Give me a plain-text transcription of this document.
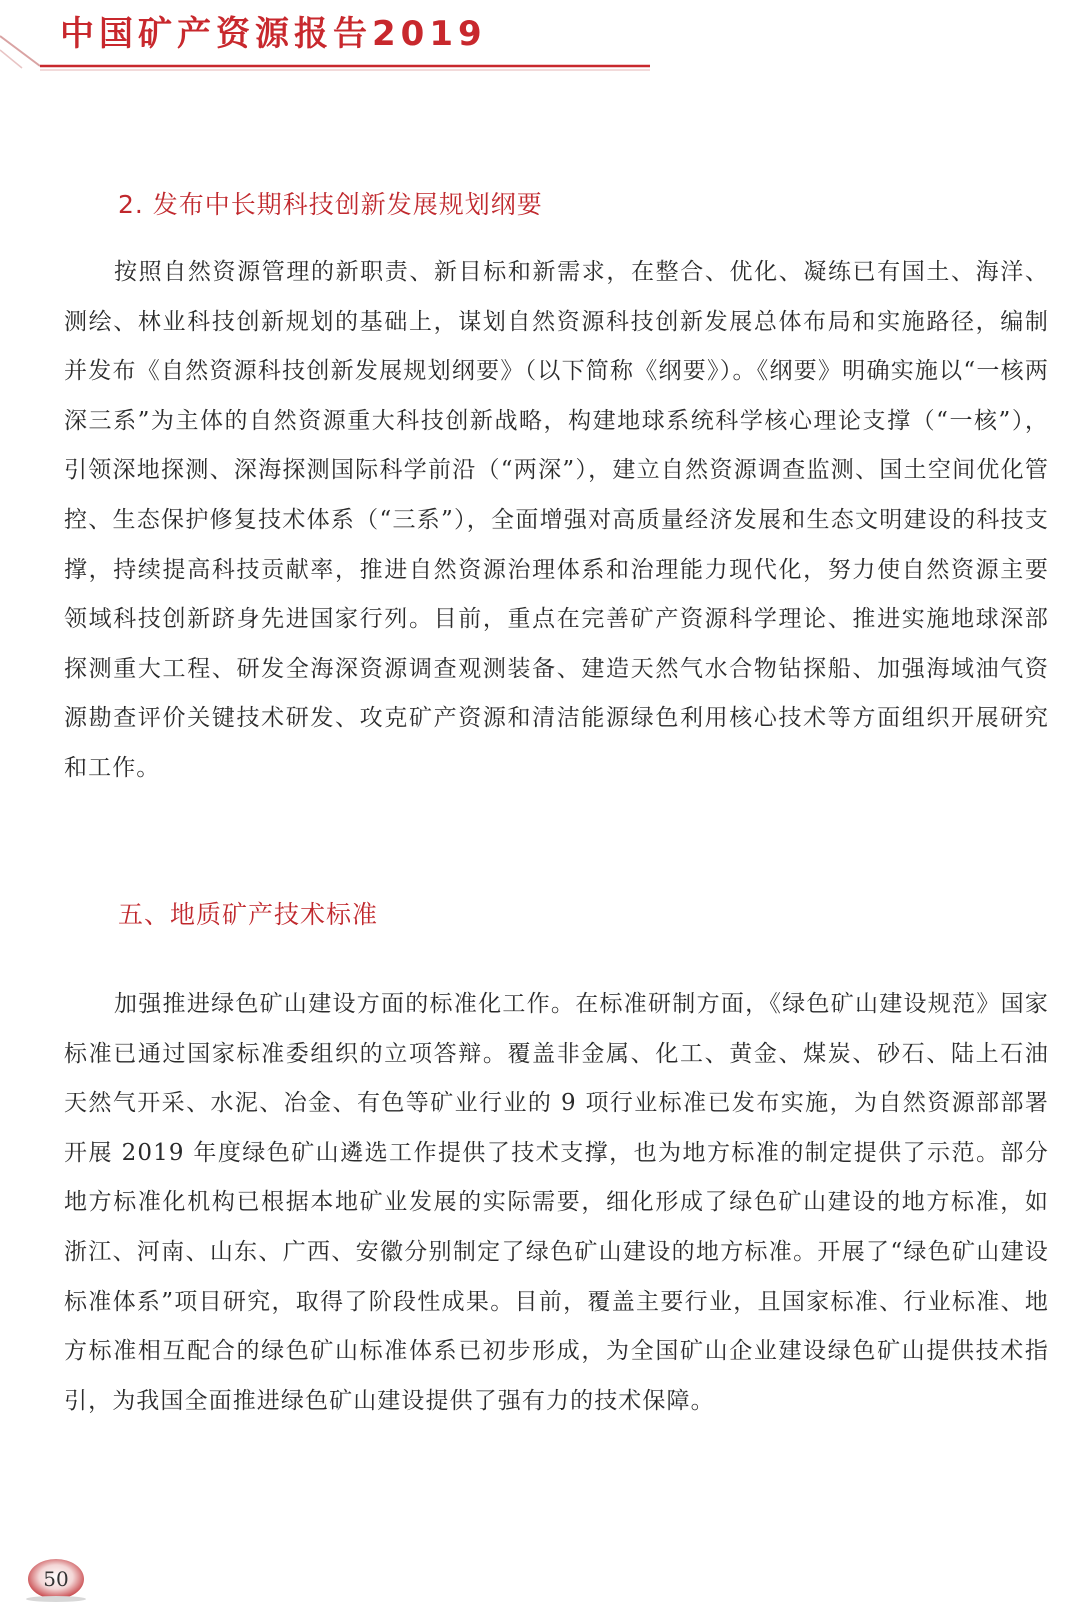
中国矿产资源报告2019
2. 发布中长期科技创新发展规划纲要

按照自然资源管理的新职责、新目标和新需求，在整合、优化、凝练已有国土、海洋、测绘、林业科技创新规划的基础上，谋划自然资源科技创新发展总体布局和实施路径，编制并发布《自然资源科技创新发展规划纲要》（以下简称《纲要》）。《纲要》明确实施以“一核两深三系”为主体的自然资源重大科技创新战略，构建地球系统科学核心理论支撑（“一核”），引领深地探测、深海探测国际科学前沿（“两深”），建立自然资源调查监测、国土空间优化管控、生态保护修复技术体系（“三系”），全面增强对高质量经济发展和生态文明建设的科技支撑，持续提高科技贡献率，推进自然资源治理体系和治理能力现代化，努力使自然资源主要领域科技创新跻身先进国家行列。目前，重点在完善矿产资源科学理论、推进实施地球深部探测重大工程、研发全海深资源调查观测装备、建造天然气水合物钻探船、加强海域油气资源勘查评价关键技术研发、攻克矿产资源和清洁能源绿色利用核心技术等方面组织开展研究和工作。

五、地质矿产技术标准

加强推进绿色矿山建设方面的标准化工作。在标准研制方面，《绿色矿山建设规范》国家标准已通过国家标准委组织的立项答辩。覆盖非金属、化工、黄金、煤炭、砂石、陆上石油天然气开采、水泥、冶金、有色等矿业行业的 9 项行业标准已发布实施，为自然资源部部署开展 2019 年度绿色矿山遴选工作提供了技术支撑，也为地方标准的制定提供了示范。部分地方标准化机构已根据本地矿业发展的实际需要，细化形成了绿色矿山建设的地方标准，如浙江、河南、山东、广西、安徽分别制定了绿色矿山建设的地方标准。开展了“绿色矿山建设标准体系”项目研究，取得了阶段性成果。目前，覆盖主要行业，且国家标准、行业标准、地方标准相互配合的绿色矿山标准体系已初步形成，为全国矿山企业建设绿色矿山提供技术指引，为我国全面推进绿色矿山建设提供了强有力的技术保障。

50
